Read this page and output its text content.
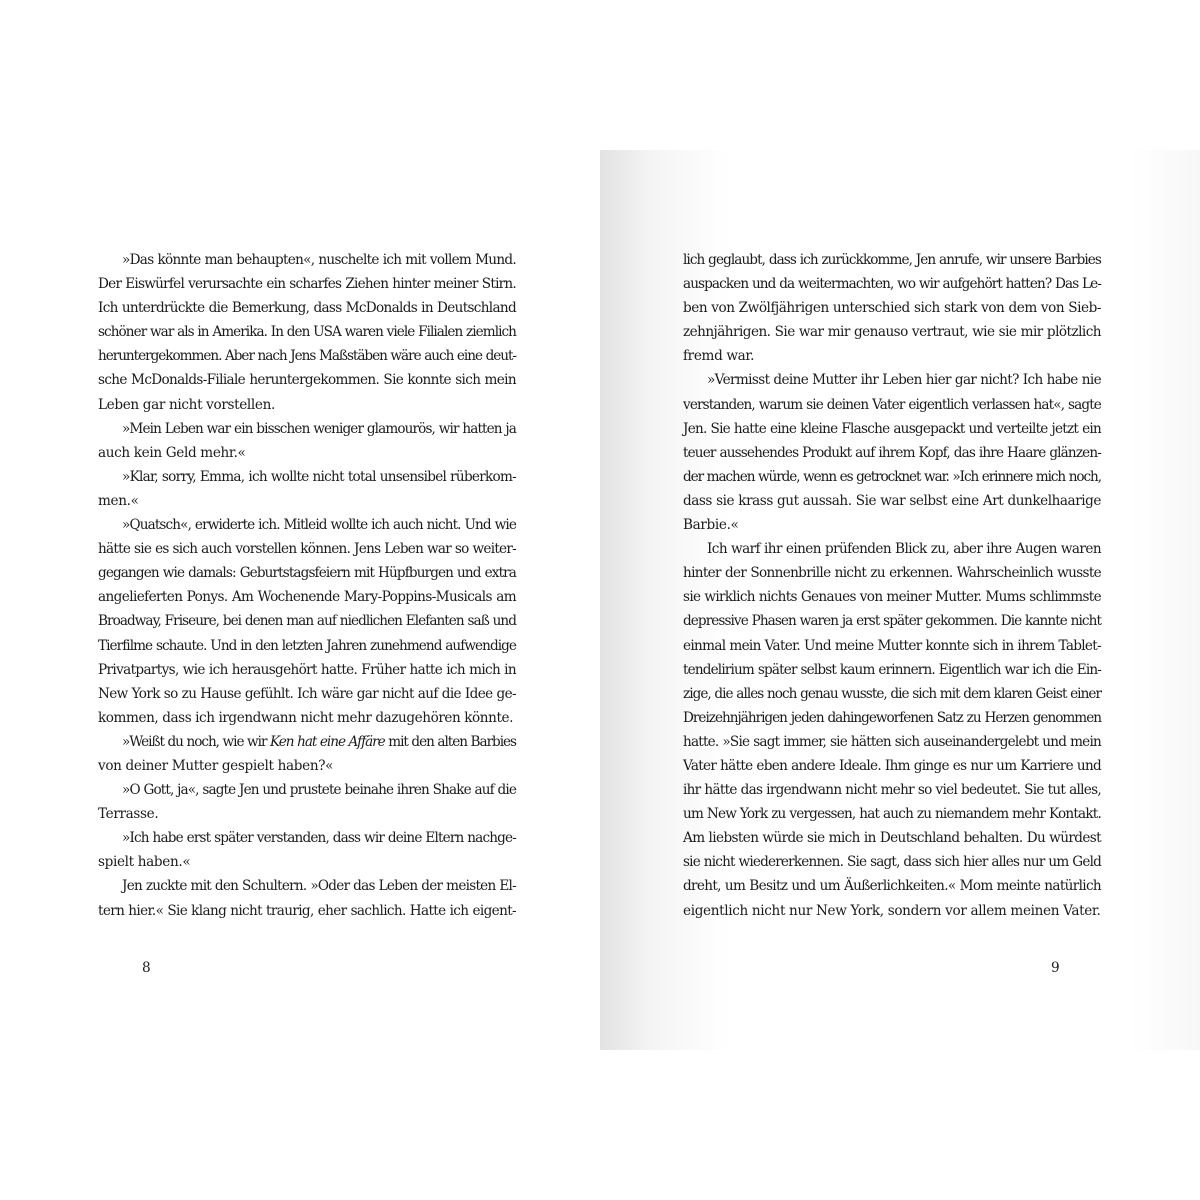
»Das könnte man behaupten«, nuschelte ich mit vollem Mund.
Der Eiswürfel verursachte ein scharfes Ziehen hinter meiner Stirn.
Ich unterdrückte die Bemerkung, dass McDonalds in Deutschland
schöner war als in Amerika. In den USA waren viele Filialen ziemlich
heruntergekommen. Aber nach Jens Maßstäben wäre auch eine deut-
sche McDonalds-Filiale heruntergekommen. Sie konnte sich mein
Leben gar nicht vorstellen.
»Mein Leben war ein bisschen weniger glamourös, wir hatten ja
auch kein Geld mehr.«
»Klar, sorry, Emma, ich wollte nicht total unsensibel rüberkom-
men.«
»Quatsch«, erwiderte ich. Mitleid wollte ich auch nicht. Und wie
hätte sie es sich auch vorstellen können. Jens Leben war so weiter-
gegangen wie damals: Geburtstagsfeiern mit Hüpfburgen und extra
angelieferten Ponys. Am Wochenende Mary-Poppins-Musicals am
Broadway, Friseure, bei denen man auf niedlichen Elefanten saß und
Tierfilme schaute. Und in den letzten Jahren zunehmend aufwendige
Privatpartys, wie ich herausgehört hatte. Früher hatte ich mich in
New York so zu Hause gefühlt. Ich wäre gar nicht auf die Idee ge-
kommen, dass ich irgendwann nicht mehr dazugehören könnte.
»Weißt du noch, wie wir Ken hat eine Affäre mit den alten Barbies
von deiner Mutter gespielt haben?«
»O Gott, ja«, sagte Jen und prustete beinahe ihren Shake auf die
Terrasse.
»Ich habe erst später verstanden, dass wir deine Eltern nachge-
spielt haben.«
Jen zuckte mit den Schultern. »Oder das Leben der meisten El-
tern hier.« Sie klang nicht traurig, eher sachlich. Hatte ich eigent-
8
lich geglaubt, dass ich zurückkomme, Jen anrufe, wir unsere Barbies
auspacken und da weitermachten, wo wir aufgehört hatten? Das Le-
ben von Zwölfjährigen unterschied sich stark von dem von Sieb-
zehnjährigen. Sie war mir genauso vertraut, wie sie mir plötzlich
fremd war.
»Vermisst deine Mutter ihr Leben hier gar nicht? Ich habe nie
verstanden, warum sie deinen Vater eigentlich verlassen hat«, sagte
Jen. Sie hatte eine kleine Flasche ausgepackt und verteilte jetzt ein
teuer aussehendes Produkt auf ihrem Kopf, das ihre Haare glänzen-
der machen würde, wenn es getrocknet war. »Ich erinnere mich noch,
dass sie krass gut aussah. Sie war selbst eine Art dunkelhaarige
Barbie.«
Ich warf ihr einen prüfenden Blick zu, aber ihre Augen waren
hinter der Sonnenbrille nicht zu erkennen. Wahrscheinlich wusste
sie wirklich nichts Genaues von meiner Mutter. Mums schlimmste
depressive Phasen waren ja erst später gekommen. Die kannte nicht
einmal mein Vater. Und meine Mutter konnte sich in ihrem Tablet-
tendelirium später selbst kaum erinnern. Eigentlich war ich die Ein-
zige, die alles noch genau wusste, die sich mit dem klaren Geist einer
Dreizehnjährigen jeden dahingeworfenen Satz zu Herzen genommen
hatte. »Sie sagt immer, sie hätten sich auseinandergelebt und mein
Vater hätte eben andere Ideale. Ihm ginge es nur um Karriere und
ihr hätte das irgendwann nicht mehr so viel bedeutet. Sie tut alles,
um New York zu vergessen, hat auch zu niemandem mehr Kontakt.
Am liebsten würde sie mich in Deutschland behalten. Du würdest
sie nicht wiedererkennen. Sie sagt, dass sich hier alles nur um Geld
dreht, um Besitz und um Äußerlichkeiten.« Mom meinte natürlich
eigentlich nicht nur New York, sondern vor allem meinen Vater.
9
